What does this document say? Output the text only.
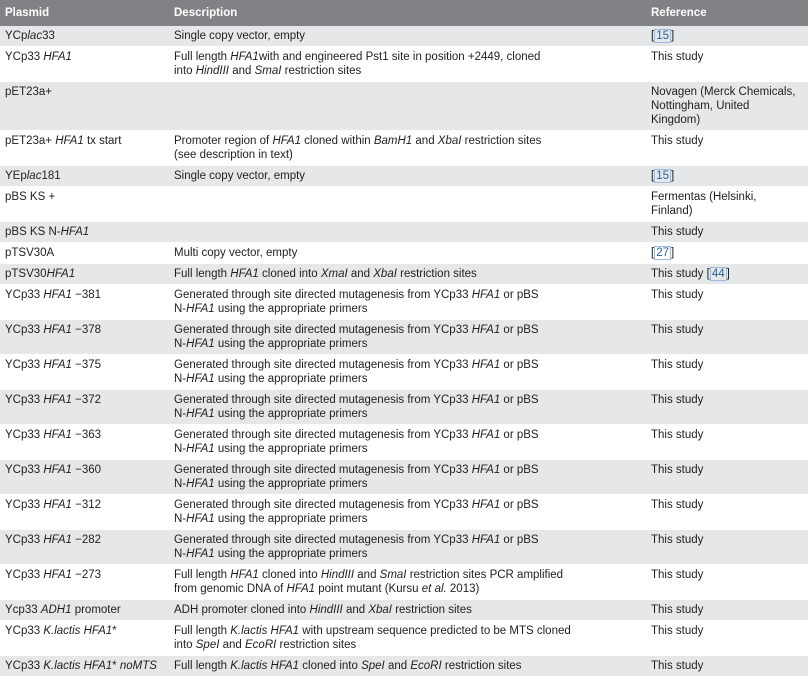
Plasmid	Description	Reference
YCplac33	Single copy vector, empty	[ 15 ]
YCp33 HFA1	Full length HFA1with and engineered Pst1 site in position +2449, cloned
into HindIII and SmaI restriction sites	This study
pET23a+		Novagen (Merck Chemicals,
Nottingham, United
Kingdom)
pET23a+ HFA1 tx start	Promoter region of HFA1 cloned within BamH1 and XbaI restriction sites
(see description in text)	This study
YEplac181	Single copy vector, empty	[ 15 ]
pBS KS +		Fermentas (Helsinki,
Finland)
pBS KS N-HFA1		This study
pTSV30A	Multi copy vector, empty	[ 27 ]
pTSV30HFA1	Full length HFA1 cloned into XmaI and XbaI restriction sites	This study [ 44 ]
YCp33 HFA1 −381	Generated through site directed mutagenesis from YCp33 HFA1 or pBS
N-HFA1 using the appropriate primers	This study
YCp33 HFA1 −378	Generated through site directed mutagenesis from YCp33 HFA1 or pBS
N-HFA1 using the appropriate primers	This study
YCp33 HFA1 −375	Generated through site directed mutagenesis from YCp33 HFA1 or pBS
N-HFA1 using the appropriate primers	This study
YCp33 HFA1 −372	Generated through site directed mutagenesis from YCp33 HFA1 or pBS
N-HFA1 using the appropriate primers	This study
YCp33 HFA1 −363	Generated through site directed mutagenesis from YCp33 HFA1 or pBS
N-HFA1 using the appropriate primers	This study
YCp33 HFA1 −360	Generated through site directed mutagenesis from YCp33 HFA1 or pBS
N-HFA1 using the appropriate primers	This study
YCp33 HFA1 −312	Generated through site directed mutagenesis from YCp33 HFA1 or pBS
N-HFA1 using the appropriate primers	This study
YCp33 HFA1 −282	Generated through site directed mutagenesis from YCp33 HFA1 or pBS
N-HFA1 using the appropriate primers	This study
YCp33 HFA1 −273	Full length HFA1 cloned into HindIII and SmaI restriction sites PCR amplified
from genomic DNA of HFA1 point mutant (Kursu et al. 2013)	This study
Ycp33 ADH1 promoter	ADH promoter cloned into HindIII and XbaI restriction sites	This study
YCp33 K.lactis HFA1*	Full length K.lactis HFA1 with upstream sequence predicted to be MTS cloned
into SpeI and EcoRI restriction sites	This study
YCp33 K.lactis HFA1* noMTS	Full length K.lactis HFA1 cloned into SpeI and EcoRI restriction sites	This study
